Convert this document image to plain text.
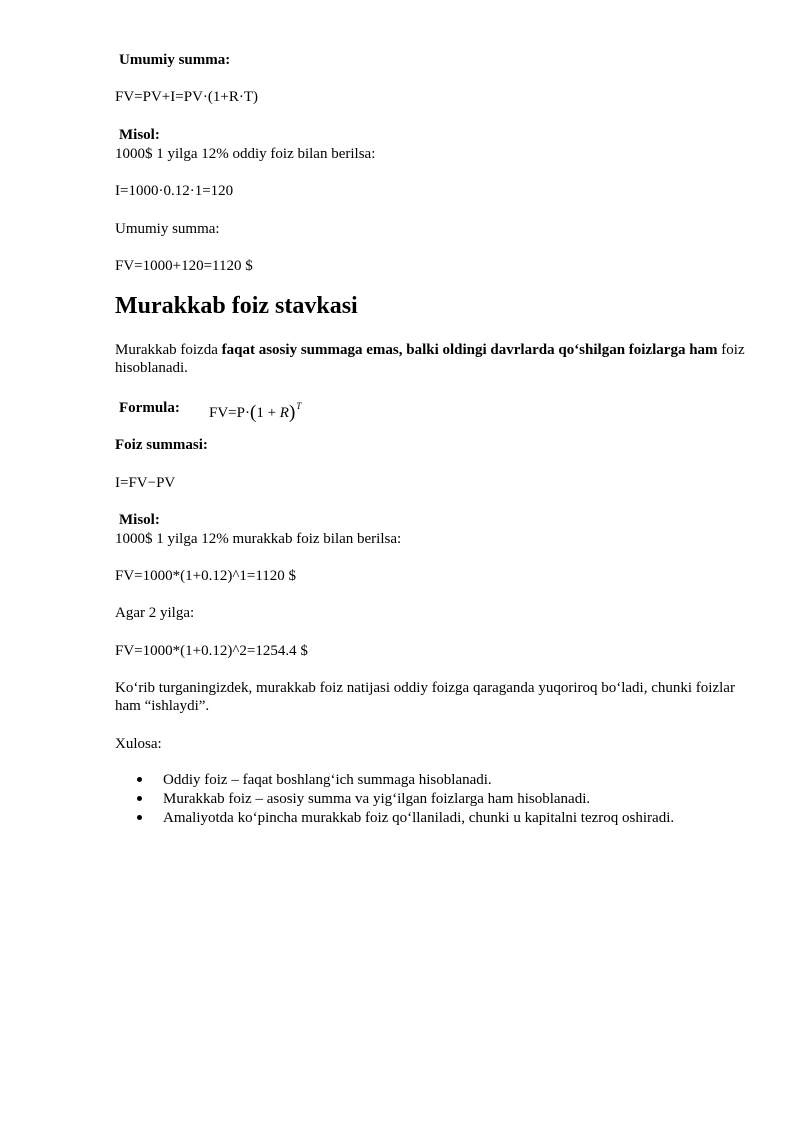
Umumiy summa:
FV=PV+I=PV·(1+R·T)
Misol:
1000$ 1 yilga 12% oddiy foiz bilan berilsa:
I=1000·0.12·1=120
Umumiy summa:
FV=1000+120=1120 $
Murakkab foiz stavkasi
Murakkab foizda faqat asosiy summaga emas, balki oldingi davrlarda qo‘shilgan foizlarga ham foiz hisoblanadi.
Formula: $FV=P\cdot(1 + R)^T$
Foiz summasi:
I=FV−PV
Misol:
1000$ 1 yilga 12% murakkab foiz bilan berilsa:
FV=1000*(1+0.12)^1=1120 $
Agar 2 yilga:
FV=1000*(1+0.12)^2=1254.4 $
Ko‘rib turganingizdek, murakkab foiz natijasi oddiy foizga qaraganda yuqoriroq bo‘ladi, chunki foizlar ham “ishlaydi”.
Xulosa:
Oddiy foiz – faqat boshlang‘ich summaga hisoblanadi.
Murakkab foiz – asosiy summa va yig‘ilgan foizlarga ham hisoblanadi.
Amaliyotda ko‘pincha murakkab foiz qo‘llaniladi, chunki u kapitalni tezroq oshiradi.
